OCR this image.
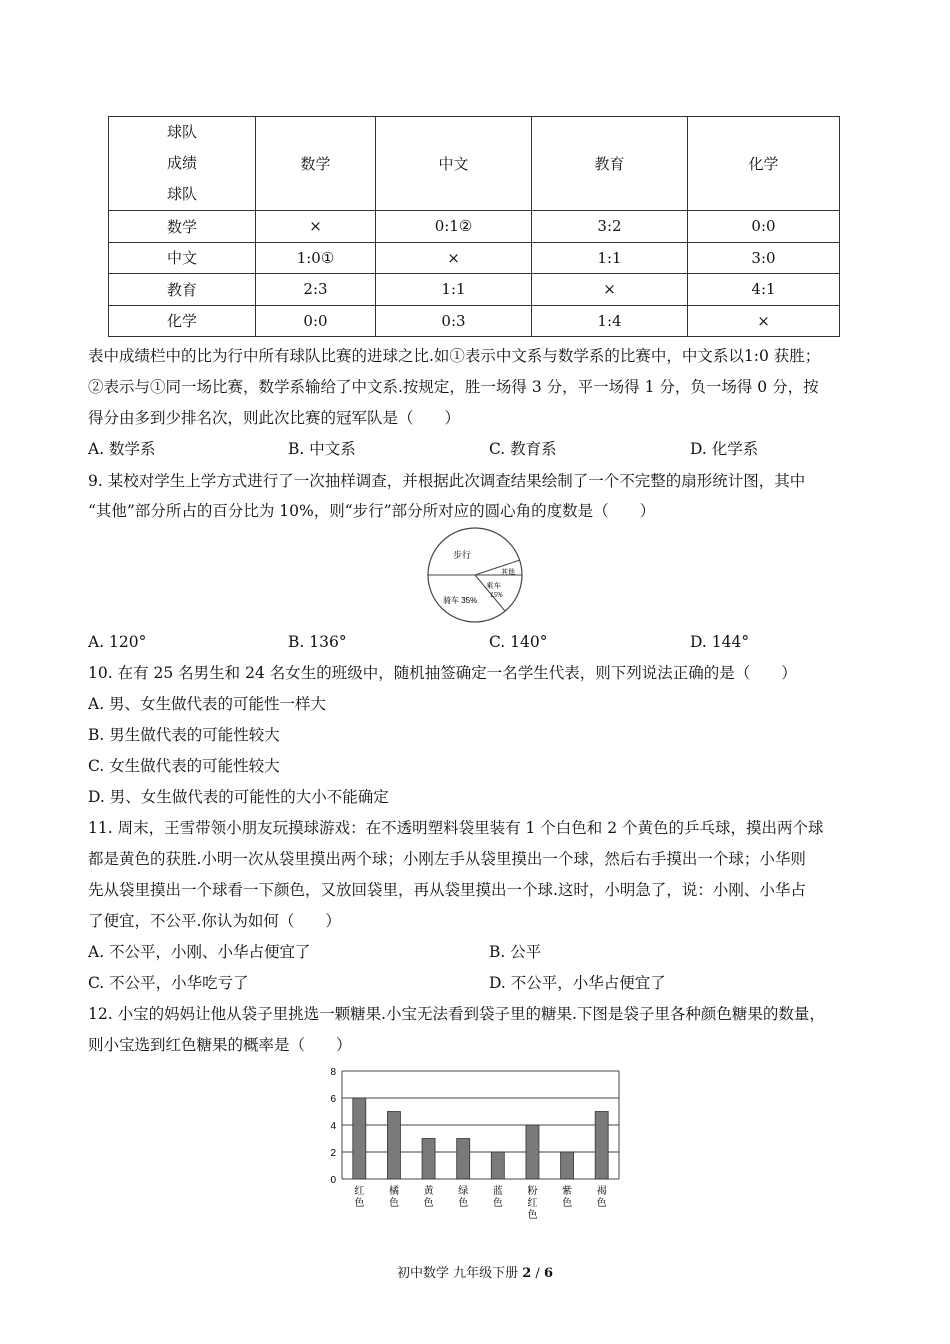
球队
成绩
球队	数学	中文	教育	化学
数学	×	0:1②	3:2	0:0
中文	1:0①	×	1:1	3:0
教育	2:3	1:1	×	4:1
化学	0:0	0:3	1:4	×
表中成绩栏中的比为行中所有球队比赛的进球之比.如①表示中文系与数学系的比赛中，中文系以1:0 获胜；
②表示与①同一场比赛，数学系输给了中文系.按规定，胜一场得 3 分，平一场得 1 分，负一场得 0 分，按
得分由多到少排名次，则此次比赛的冠军队是（　　）
A. 数学系	B. 中文系	C. 教育系	D. 化学系
9. 某校对学生上学方式进行了一次抽样调查，并根据此次调查结果绘制了一个不完整的扇形统计图，其中
“其他”部分所占的百分比为 10%，则“步行”部分所对应的圆心角的度数是（　　）
步行
骑车 35%
乘车
15%
其他
A. 120°	B. 136°	C. 140°	D. 144°
10. 在有 25 名男生和 24 名女生的班级中，随机抽签确定一名学生代表，则下列说法正确的是（　　）
A. 男、女生做代表的可能性一样大
B. 男生做代表的可能性较大
C. 女生做代表的可能性较大
D. 男、女生做代表的可能性的大小不能确定
11. 周末，王雪带领小朋友玩摸球游戏：在不透明塑料袋里装有 1 个白色和 2 个黄色的乒乓球，摸出两个球
都是黄色的获胜.小明一次从袋里摸出两个球；小刚左手从袋里摸出一个球，然后右手摸出一个球；小华则
先从袋里摸出一个球看一下颜色，又放回袋里，再从袋里摸出一个球.这时，小明急了，说：小刚、小华占
了便宜，不公平.你认为如何（　　）
A. 不公平，小刚、小华占便宜了	B. 公平
C. 不公平，小华吃亏了	D. 不公平，小华占便宜了
12. 小宝的妈妈让他从袋子里挑选一颗糖果.小宝无法看到袋子里的糖果.下图是袋子里各种颜色糖果的数量，
则小宝选到红色糖果的概率是（　　）
0
2
4
6
8
红
色
橘
色
黄
色
绿
色
蓝
色
粉
红
色
紫
色
褐
色
初中数学 九年级下册 2 / 6
